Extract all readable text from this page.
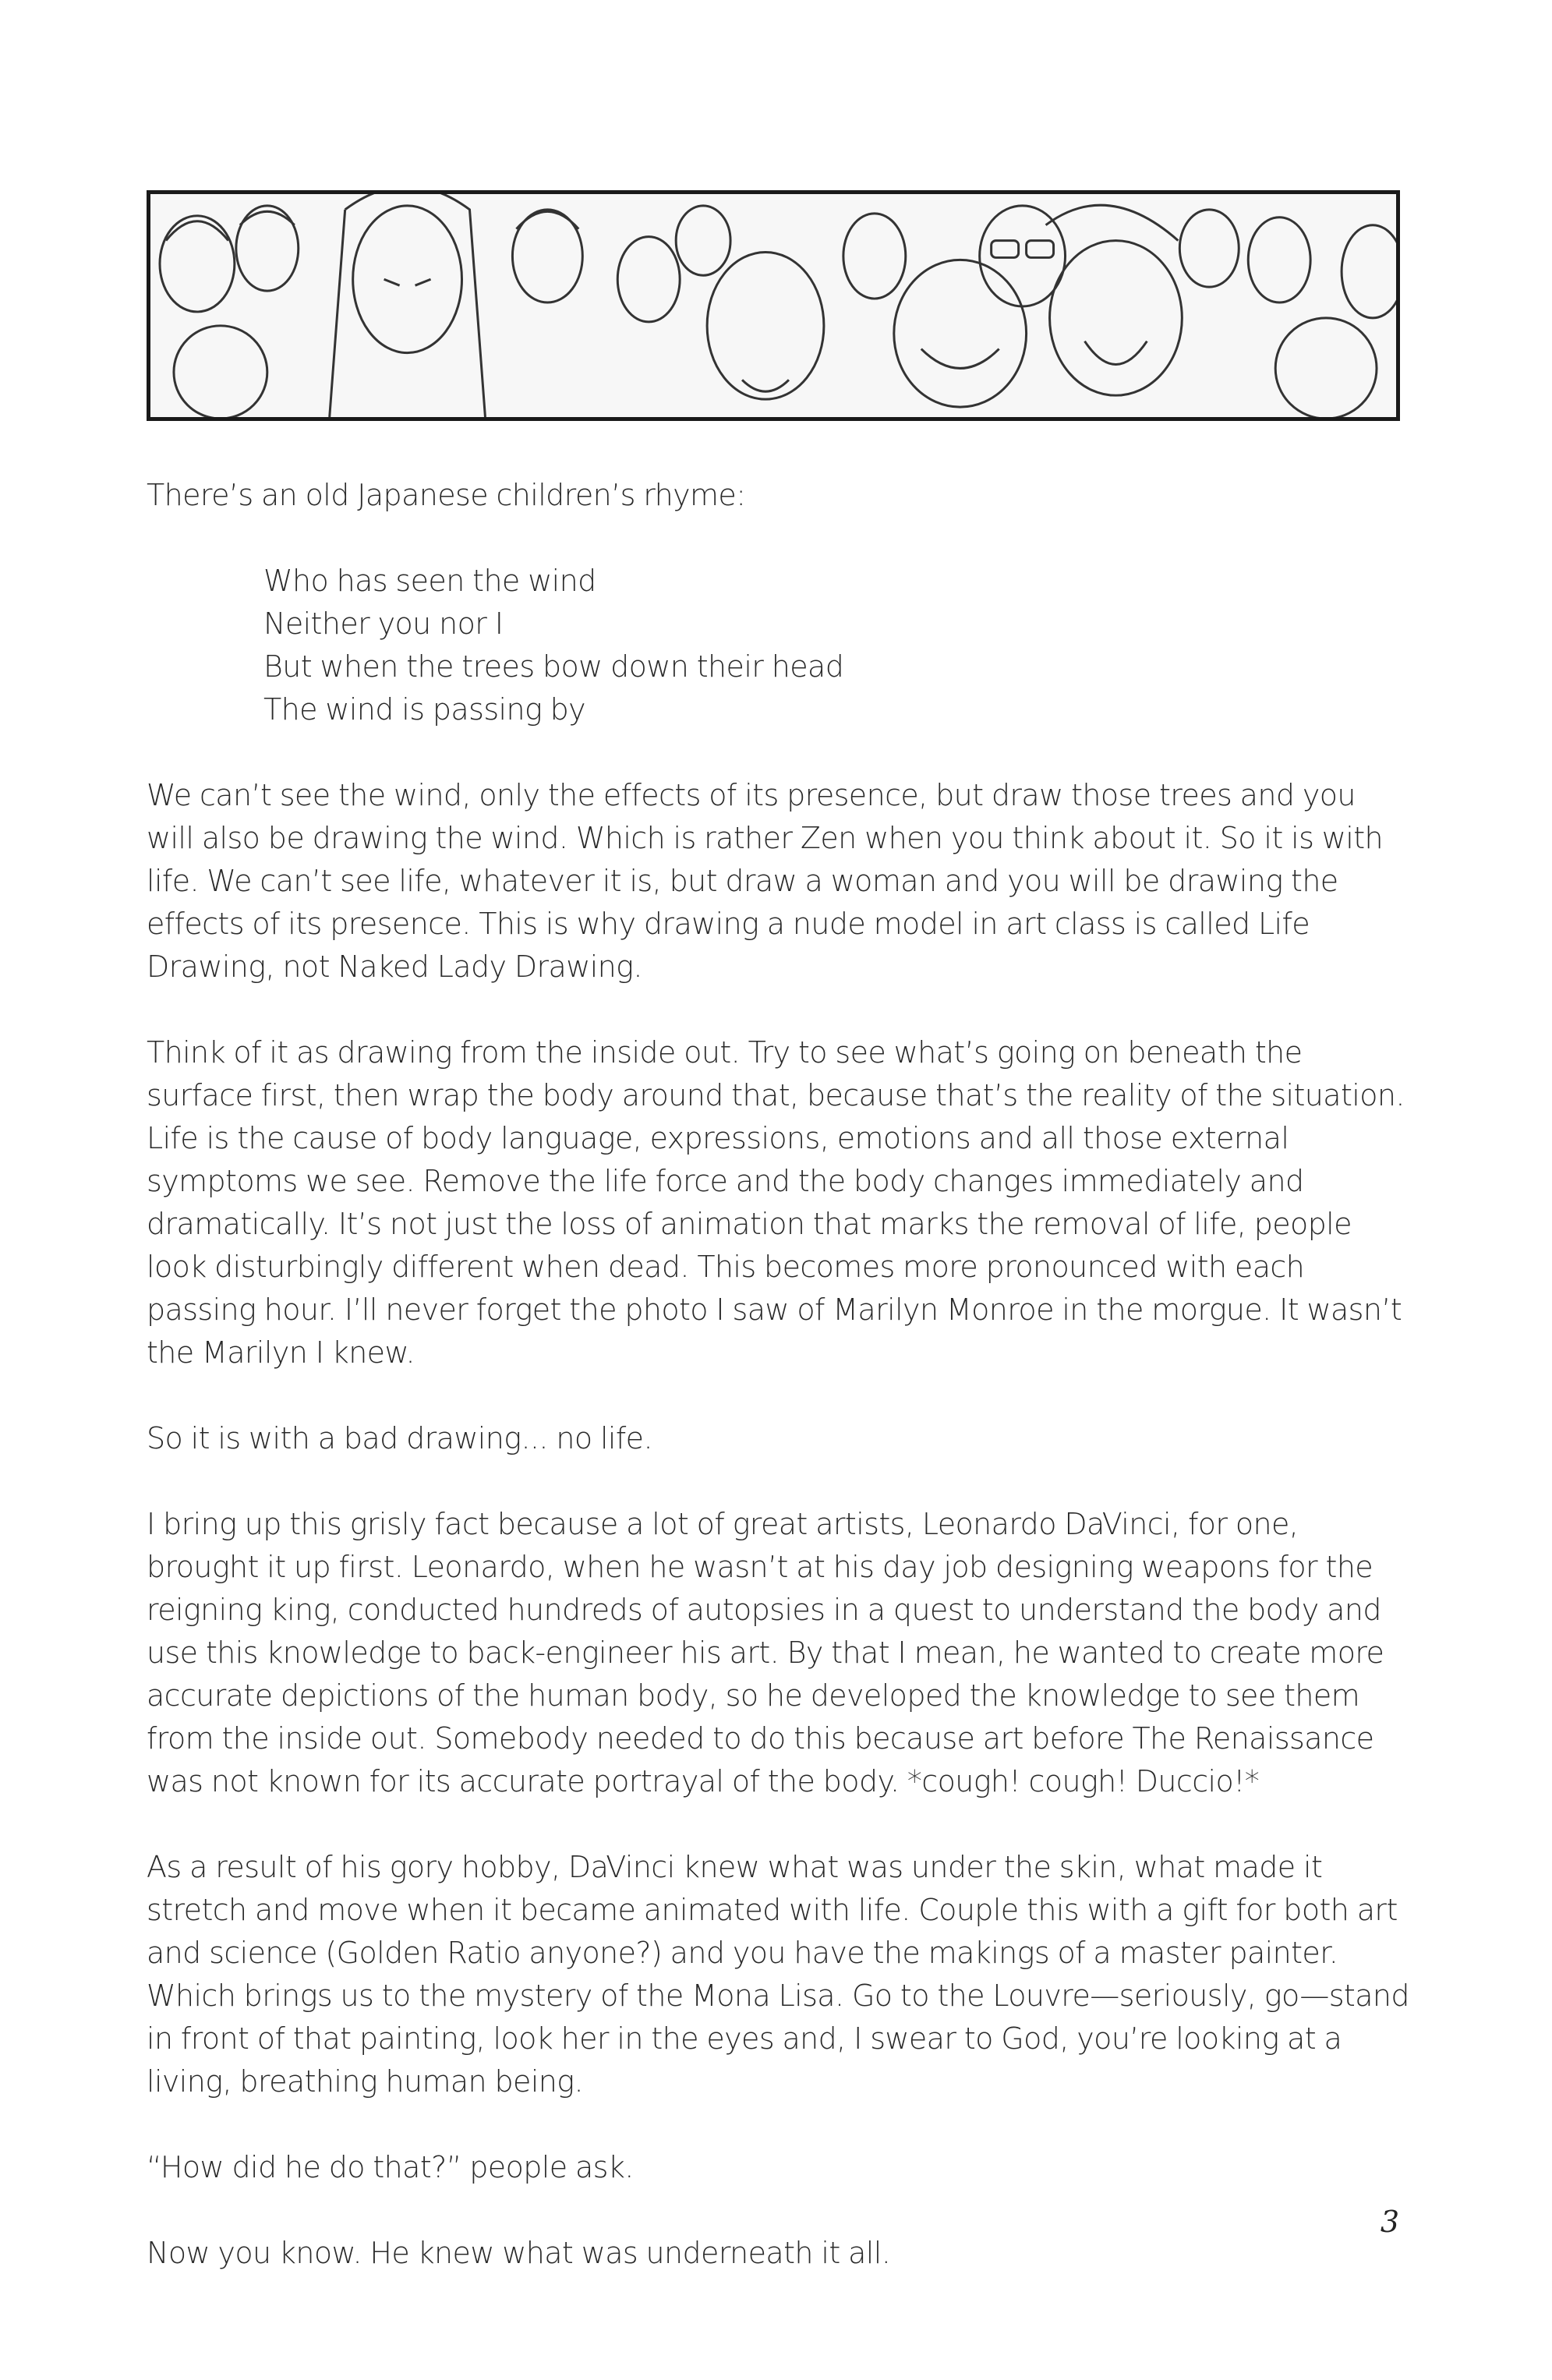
There’s an old Japanese children’s rhyme:

Who has seen the wind
Neither you nor I
But when the trees bow down their head
The wind is passing by

We can’t see the wind, only the effects of its presence, but draw those trees and you will also be drawing the wind. Which is rather Zen when you think about it. So it is with life. We can’t see life, whatever it is, but draw a woman and you will be drawing the effects of its presence. This is why drawing a nude model in art class is called Life Drawing, not Naked Lady Drawing.

Think of it as drawing from the inside out. Try to see what’s going on beneath the surface first, then wrap the body around that, because that’s the reality of the situation. Life is the cause of body language, expressions, emotions and all those external symptoms we see. Remove the life force and the body changes immediately and dramatically. It’s not just the loss of animation that marks the removal of life, people look disturbingly different when dead. This becomes more pronounced with each passing hour. I’ll never forget the photo I saw of Marilyn Monroe in the morgue. It wasn’t the Marilyn I knew.

So it is with a bad drawing... no life.

I bring up this grisly fact because a lot of great artists, Leonardo DaVinci, for one, brought it up first. Leonardo, when he wasn’t at his day job designing weapons for the reigning king, conducted hundreds of autopsies in a quest to understand the body and use this knowledge to back-engineer his art. By that I mean, he wanted to create more accurate depictions of the human body, so he developed the knowledge to see them from the inside out. Somebody needed to do this because art before The Renaissance was not known for its accurate portrayal of the body. *cough! cough! Duccio!*

As a result of his gory hobby, DaVinci knew what was under the skin, what made it stretch and move when it became animated with life. Couple this with a gift for both art and science (Golden Ratio anyone?) and you have the makings of a master painter. Which brings us to the mystery of the Mona Lisa. Go to the Louvre—seriously, go—stand in front of that painting, look her in the eyes and, I swear to God, you’re looking at a living, breathing human being.

“How did he do that?” people ask.

Now you know. He knew what was underneath it all.

3
